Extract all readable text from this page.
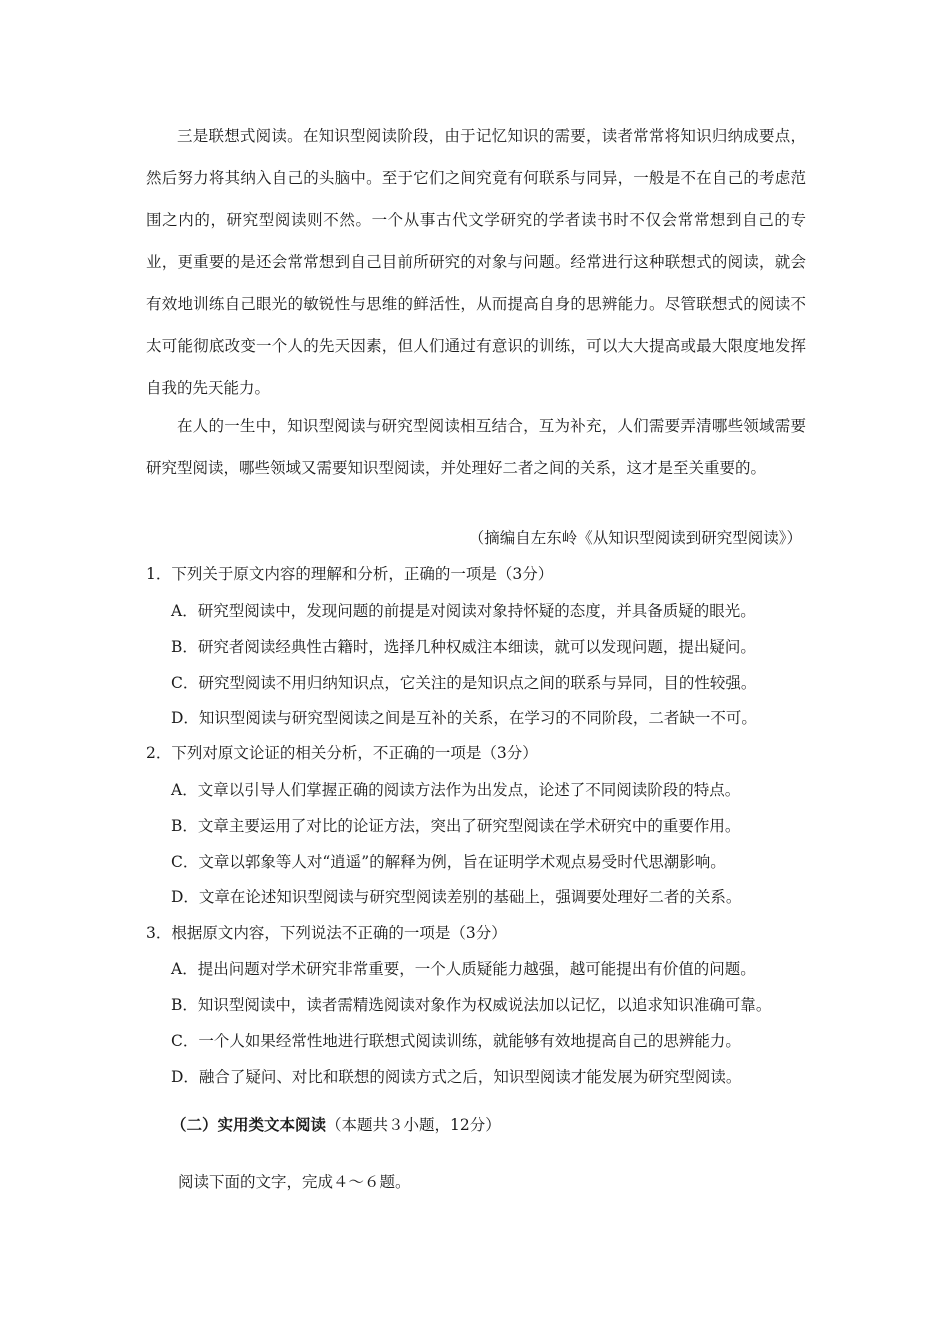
三是联想式阅读。在知识型阅读阶段，由于记忆知识的需要，读者常常将知识归纳成要点，然后努力将其纳入自己的头脑中。至于它们之间究竟有何联系与同异，一般是不在自己的考虑范围之内的，研究型阅读则不然。一个从事古代文学研究的学者读书时不仅会常常想到自己的专业，更重要的是还会常常想到自己目前所研究的对象与问题。经常进行这种联想式的阅读，就会有效地训练自己眼光的敏锐性与思维的鲜活性，从而提高自身的思辨能力。尽管联想式的阅读不太可能彻底改变一个人的先天因素，但人们通过有意识的训练，可以大大提高或最大限度地发挥自我的先天能力。

在人的一生中，知识型阅读与研究型阅读相互结合，互为补充，人们需要弄清哪些领域需要研究型阅读，哪些领域又需要知识型阅读，并处理好二者之间的关系，这才是至关重要的。

（摘编自左东岭《从知识型阅读到研究型阅读》）
1．下列关于原文内容的理解和分析，正确的一项是（3分）
A．研究型阅读中，发现问题的前提是对阅读对象持怀疑的态度，并具备质疑的眼光。
B．研究者阅读经典性古籍时，选择几种权威注本细读，就可以发现问题，提出疑问。
C．研究型阅读不用归纳知识点，它关注的是知识点之间的联系与异同，目的性较强。
D．知识型阅读与研究型阅读之间是互补的关系，在学习的不同阶段，二者缺一不可。
2．下列对原文论证的相关分析，不正确的一项是（3分）
A．文章以引导人们掌握正确的阅读方法作为出发点，论述了不同阅读阶段的特点。
B．文章主要运用了对比的论证方法，突出了研究型阅读在学术研究中的重要作用。
C．文章以郭象等人对“逍遥”的解释为例，旨在证明学术观点易受时代思潮影响。
D．文章在论述知识型阅读与研究型阅读差别的基础上，强调要处理好二者的关系。
3．根据原文内容，下列说法不正确的一项是（3分）
A．提出问题对学术研究非常重要，一个人质疑能力越强，越可能提出有价值的问题。
B．知识型阅读中，读者需精选阅读对象作为权威说法加以记忆，以追求知识准确可靠。
C．一个人如果经常性地进行联想式阅读训练，就能够有效地提高自己的思辨能力。
D．融合了疑问、对比和联想的阅读方式之后，知识型阅读才能发展为研究型阅读。
（二）实用类文本阅读（本题共３小题，12分）
阅读下面的文字，完成４～６题。
